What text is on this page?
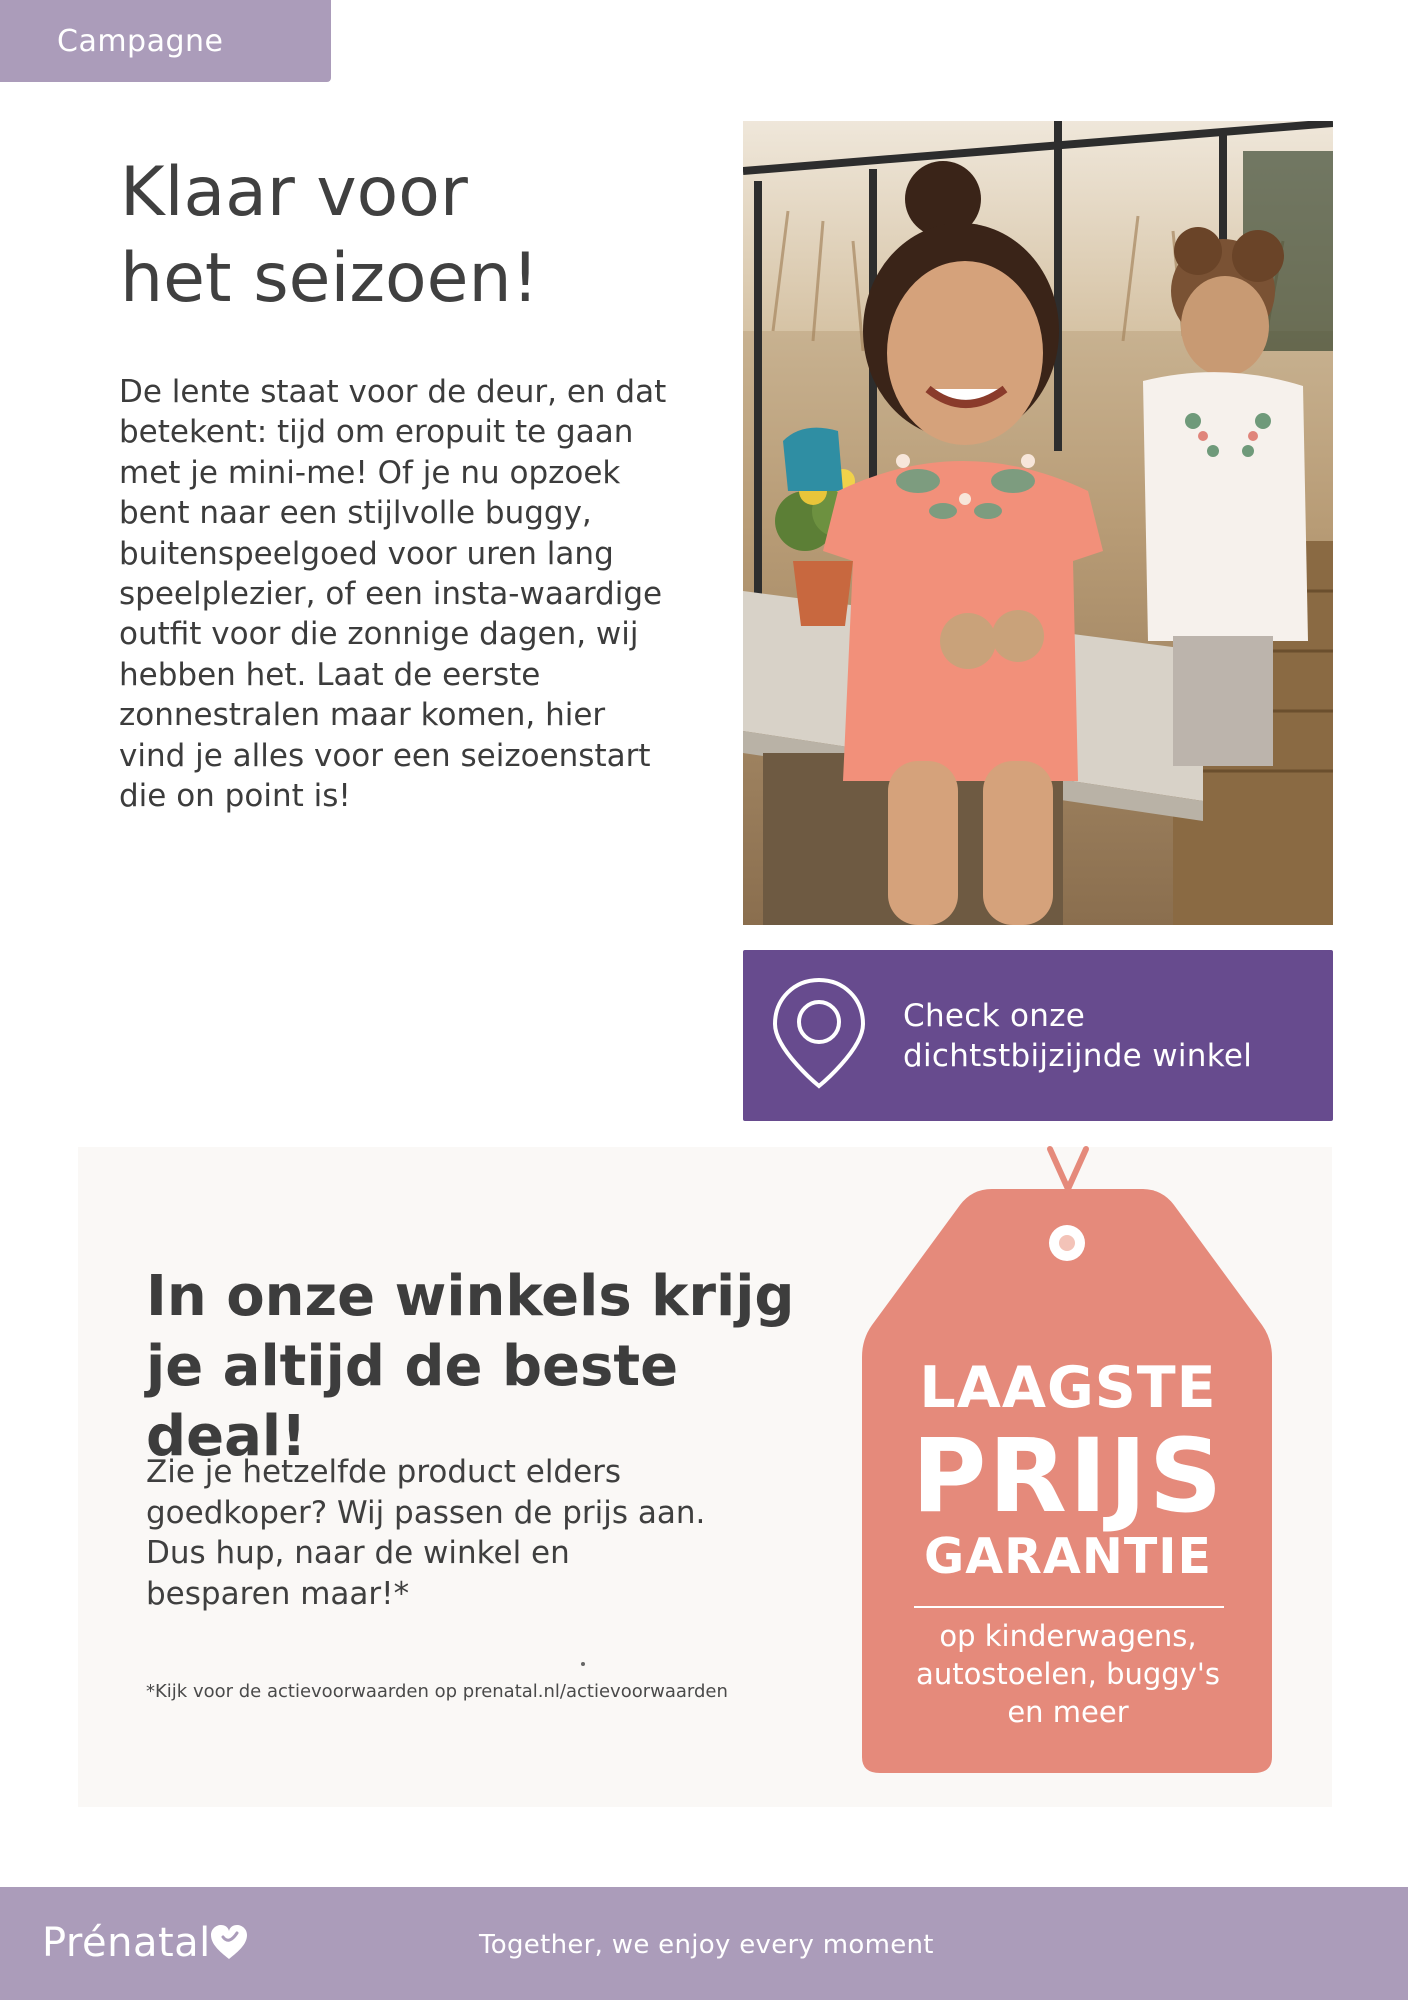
Campagne
Klaar voor
het seizoen!

De lente staat voor de deur, en dat betekent: tijd om eropuit te gaan met je mini-me! Of je nu opzoek bent naar een stijlvolle buggy, buitenspeelgoed voor uren lang speelplezier, of een insta-waardige outfit voor die zonnige dagen, wij hebben het. Laat de eerste zonnestralen maar komen, hier vind je alles voor een seizoenstart die on point is!

Check onze
dichtstbijzijnde winkel
In onze winkels krijg
je altijd de beste deal!

Zie je hetzelfde product elders goedkoper? Wij passen de prijs aan. Dus hup, naar de winkel en besparen maar!*

*Kijk voor de actievoorwaarden op prenatal.nl/actievoorwaarden

LAAGSTE
PRIJS
GARANTIE
op kinderwagens,
autostoelen, buggy's
en meer
Prénatal	Together, we enjoy every moment
